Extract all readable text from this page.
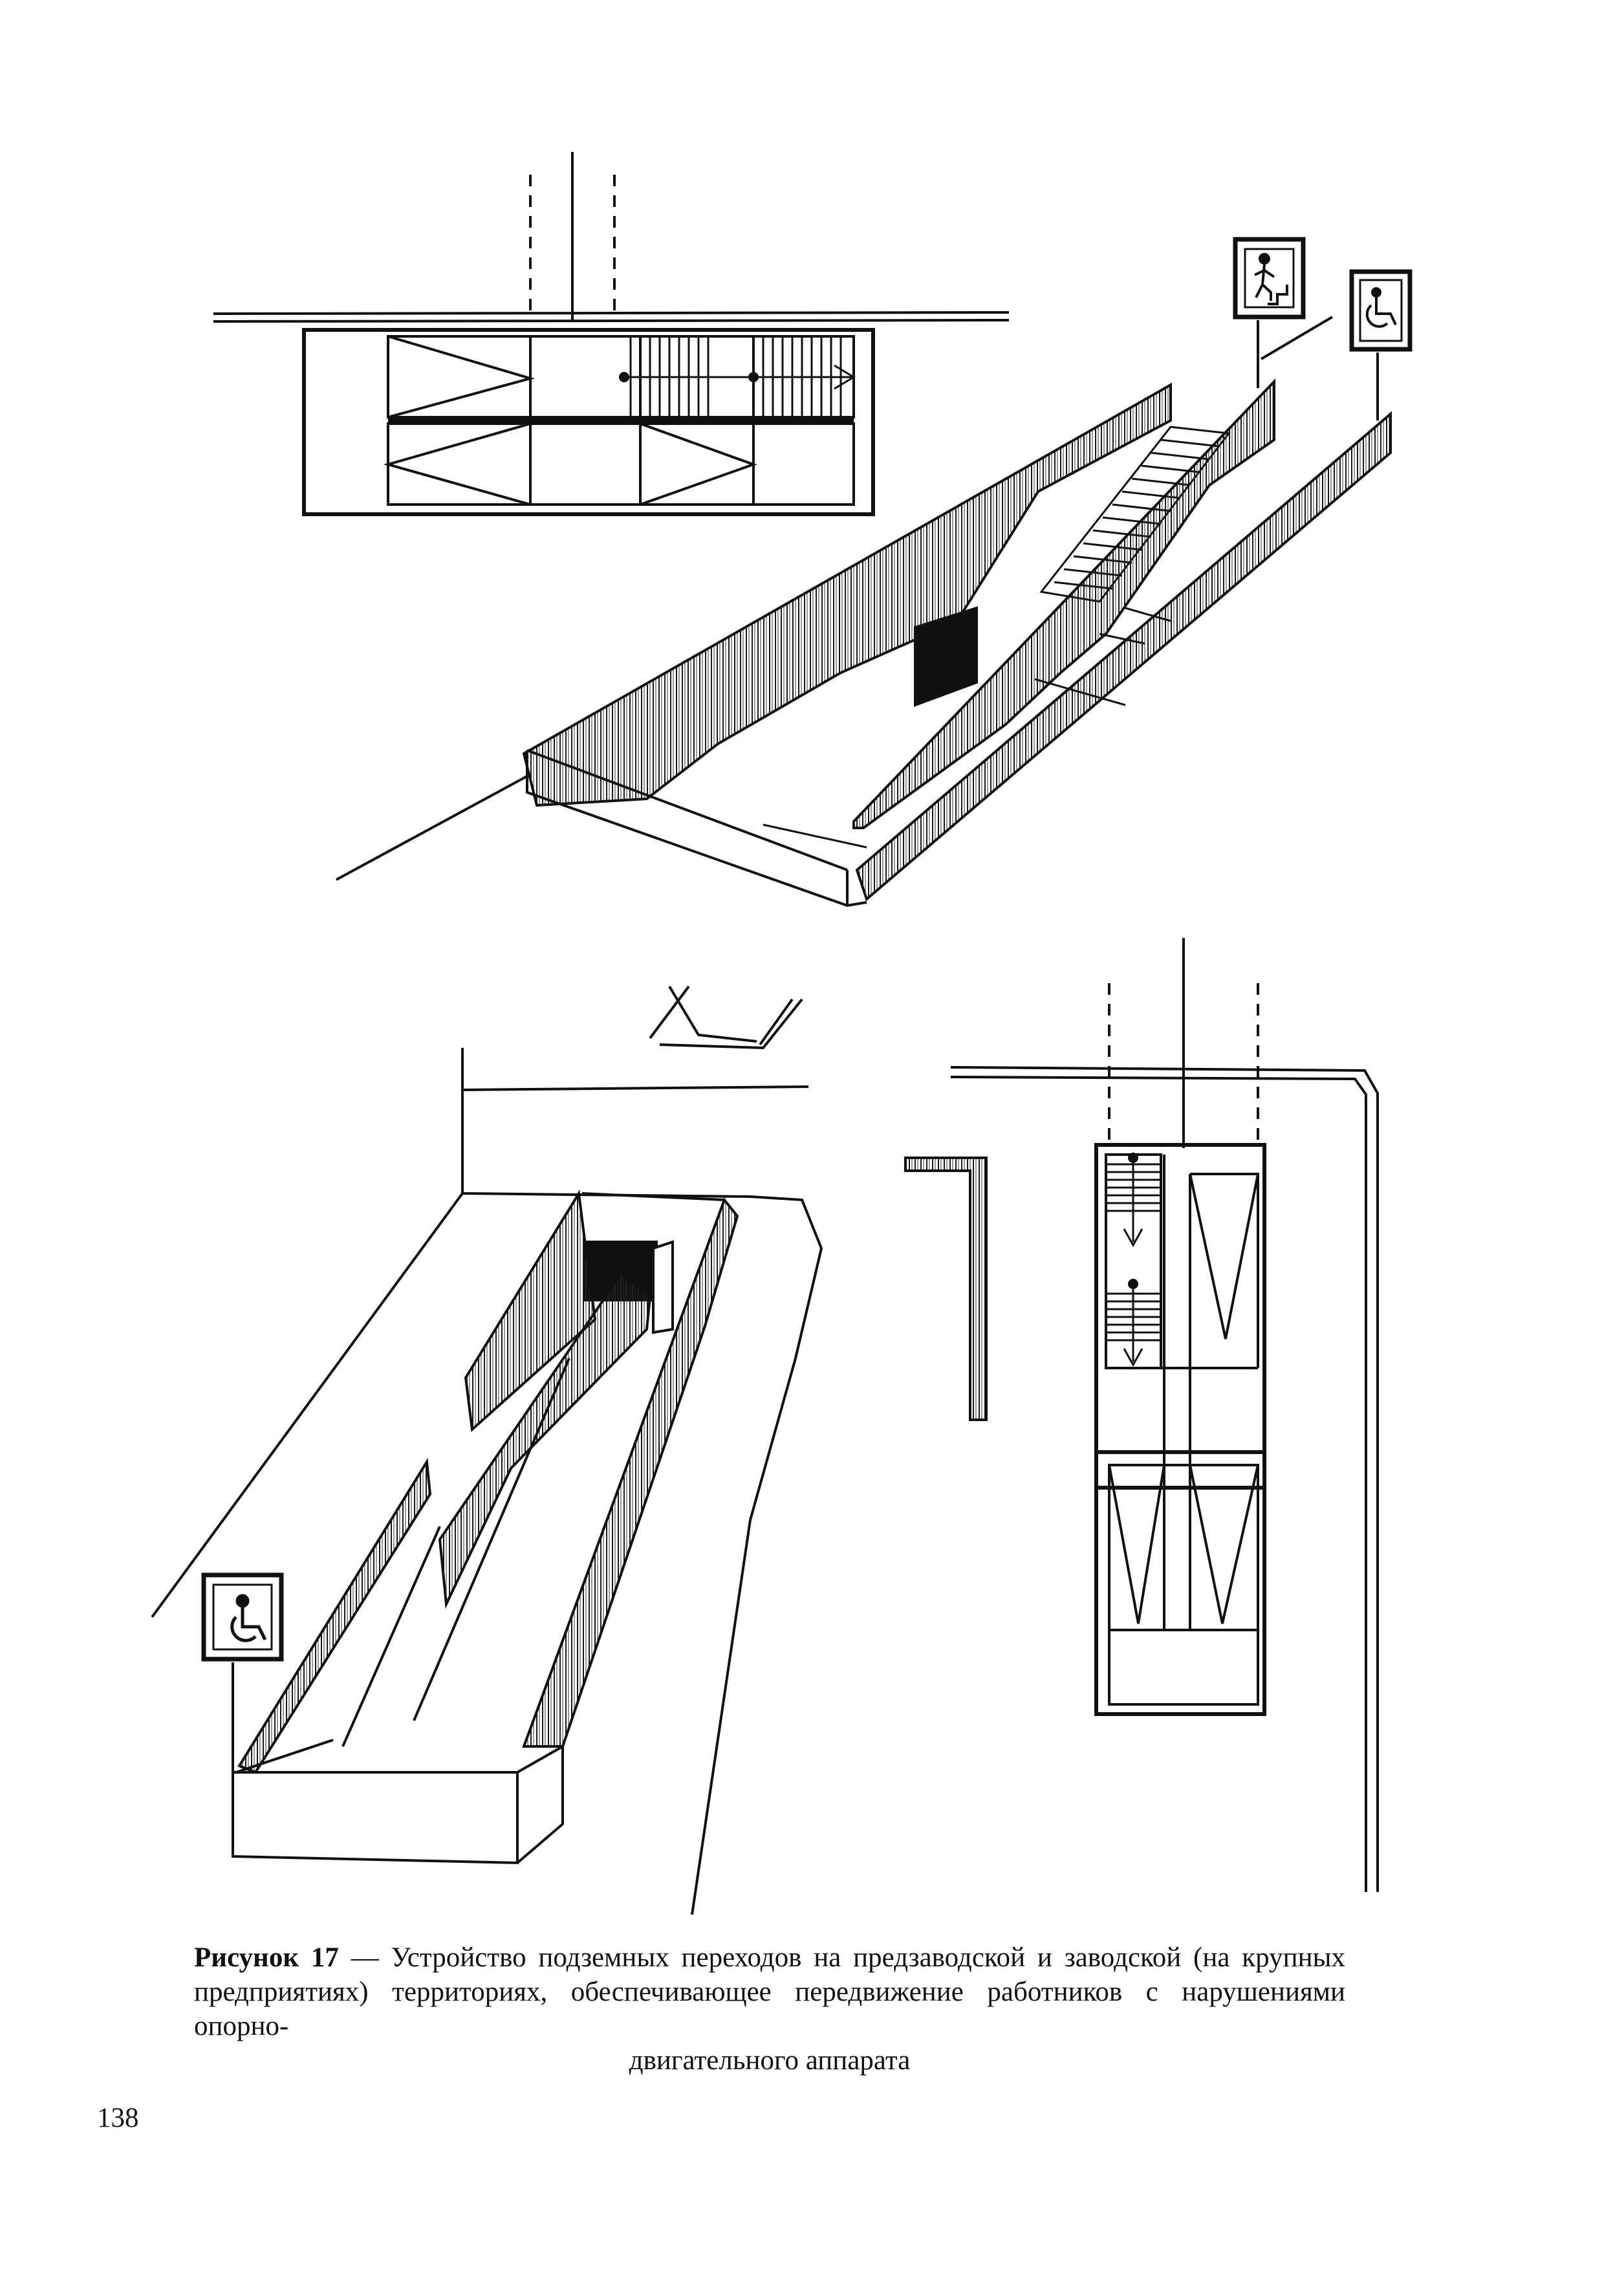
Рисунок 17 — Устройство подземных переходов на предзаводской и заводской (на крупных предприятиях) территориях, обеспечивающее передвижение работников с нарушениями опорно-
двигательного аппарата
138
